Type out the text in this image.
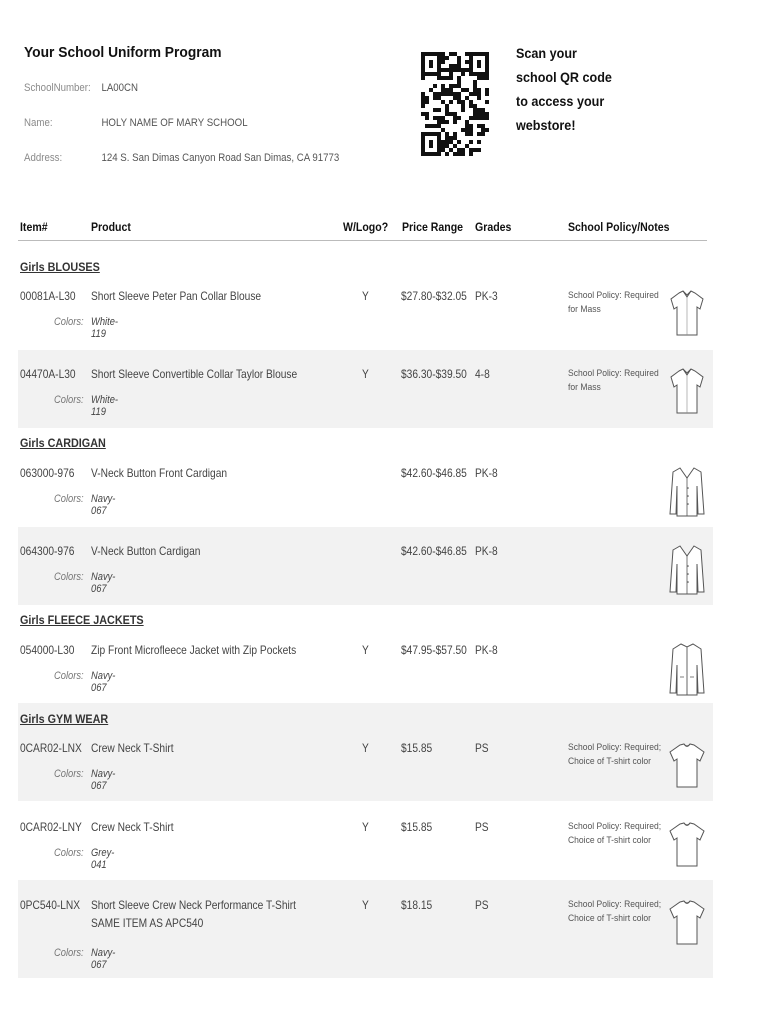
Your School Uniform Program
SchoolNumber: LA00CN
Name:	HOLY NAME OF MARY SCHOOL
Address:	124 S. San Dimas Canyon Road San Dimas, CA 91773
Scan your
school QR code
to access your
webstore!
Item#	Product	W/Logo? Price Range Grades	School Policy/Notes
Girls BLOUSES
00081A-L30 Short Sleeve Peter Pan Collar Blouse	Y	$27.80-$32.05 PK-3
Colors: White-119
School Policy: Required for Mass
04470A-L30 Short Sleeve Convertible Collar Taylor Blouse	Y	$36.30-$39.50 4-8
Colors: White-119
School Policy: Required for Mass
Girls CARDIGAN
063000-976 V-Neck Button Front Cardigan	$42.60-$46.85 PK-8
Colors: Navy-067
064300-976 V-Neck Button Cardigan	$42.60-$46.85 PK-8
Colors: Navy-067
Girls FLEECE JACKETS
054000-L30 Zip Front Microfleece Jacket with Zip Pockets	Y	$47.95-$57.50 PK-8
Colors: Navy-067
Girls GYM WEAR
0CAR02-LNX Crew Neck T-Shirt	Y	$15.85	PS
Colors: Navy-067
School Policy: Required; Choice of T-shirt color
0CAR02-LNY Crew Neck T-Shirt	Y	$15.85	PS
Colors: Grey-041
School Policy: Required; Choice of T-shirt color
0PC540-LNX Short Sleeve Crew Neck Performance T-Shirt SAME ITEM AS APC540
Y	$18.15	PS
Colors: Navy-067
School Policy: Required; Choice of T-shirt color
